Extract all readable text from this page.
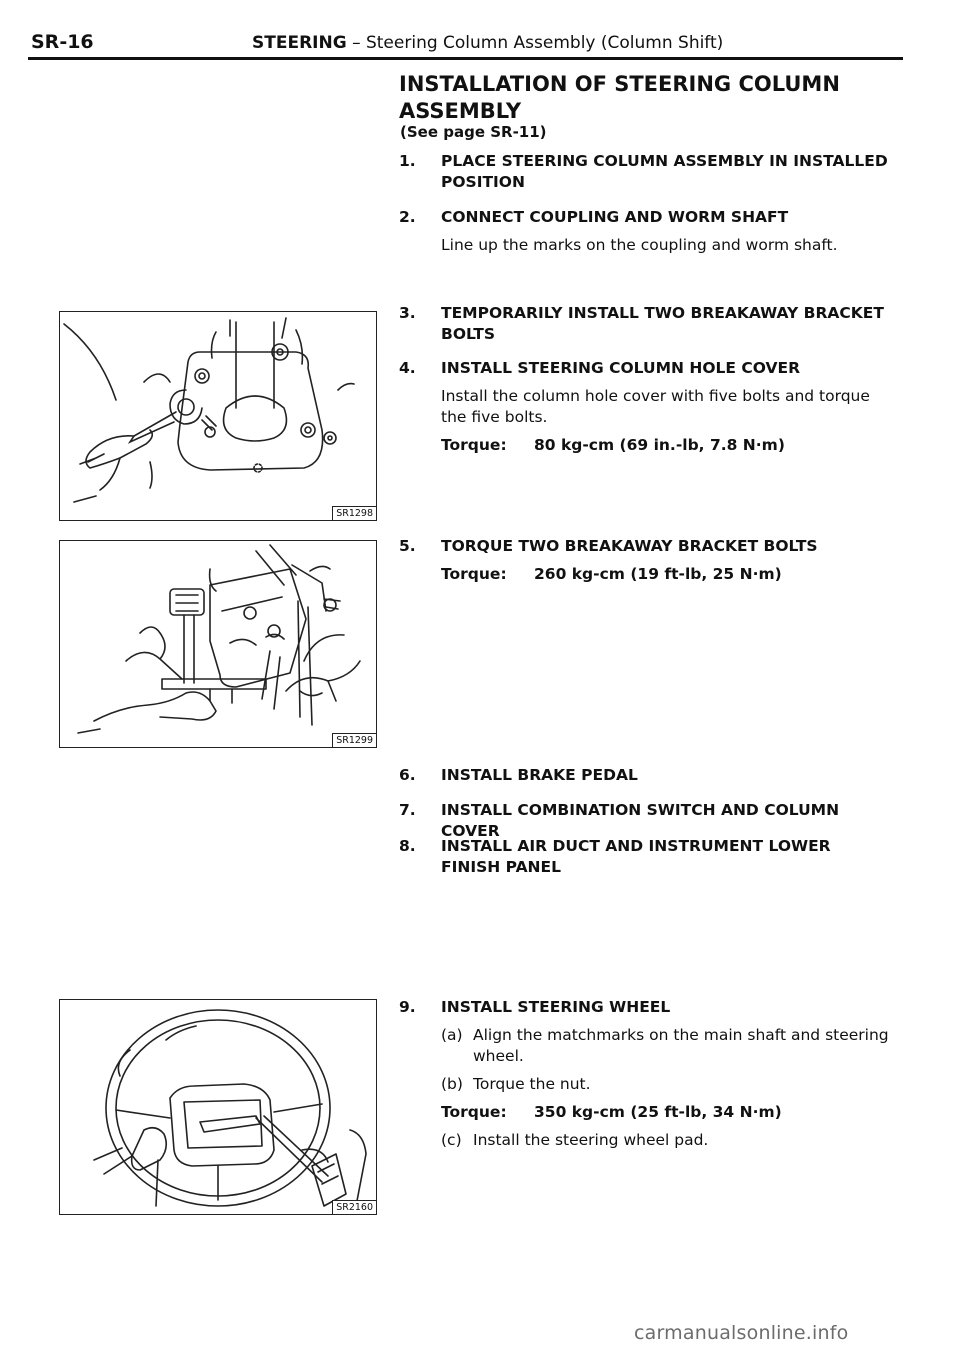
SR-16	STEERING – Steering Column Assembly (Column Shift)
INSTALLATION OF STEERING COLUMN ASSEMBLY
(See page SR-11)
1. PLACE STEERING COLUMN ASSEMBLY IN INSTALLED POSITION
2. CONNECT COUPLING AND WORM SHAFT
Line up the marks on the coupling and worm shaft.
3. TEMPORARILY INSTALL TWO BREAKAWAY BRACKET BOLTS
4. INSTALL STEERING COLUMN HOLE COVER
Install the column hole cover with five bolts and torque the five bolts.
Torque: 80 kg-cm (69 in.-lb, 7.8 N·m)
5. TORQUE TWO BREAKAWAY BRACKET BOLTS
Torque: 260 kg-cm (19 ft-lb, 25 N·m)
6. INSTALL BRAKE PEDAL
7. INSTALL COMBINATION SWITCH AND COLUMN COVER
8. INSTALL AIR DUCT AND INSTRUMENT LOWER FINISH PANEL
9. INSTALL STEERING WHEEL
(a) Align the matchmarks on the main shaft and steering wheel.
(b) Torque the nut.
Torque: 350 kg-cm (25 ft-lb, 34 N·m)
(c) Install the steering wheel pad.
SR1298
SR1299
SR2160
carmanualsonline.info
